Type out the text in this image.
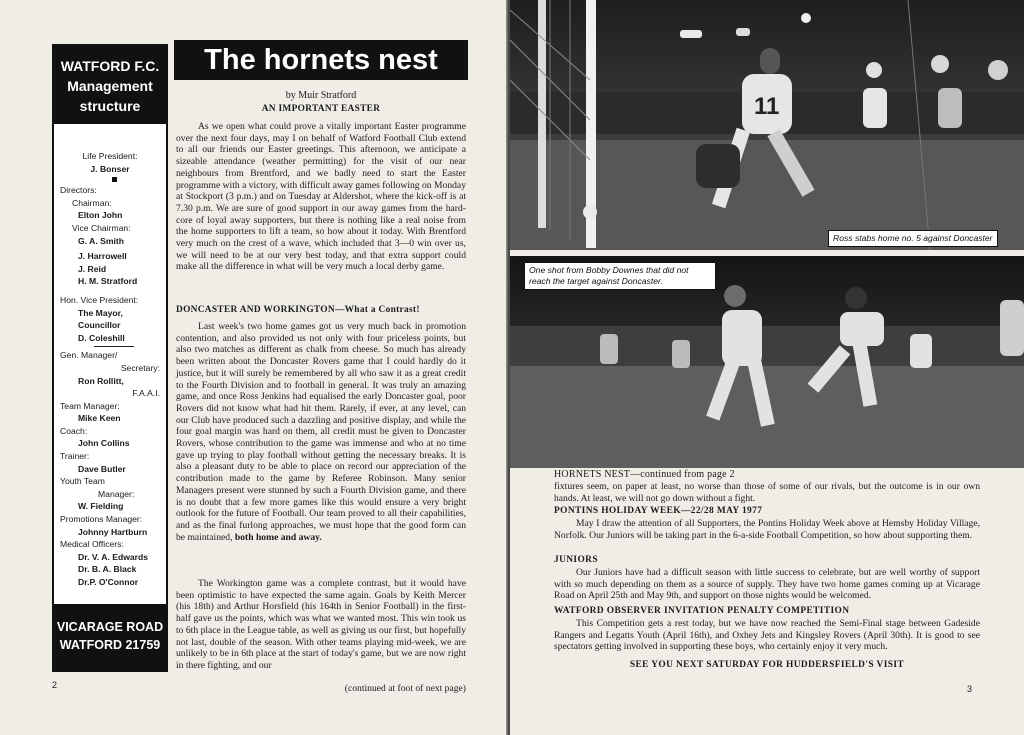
WATFORD F.C.
Management
structure
Life President:
J. Bonser
Directors:
Chairman:
Elton John
Vice Chairman:
G. A. Smith
J. Harrowell
J. Reid
H. M. Stratford
Hon. Vice President:
The Mayor,
Councillor
D. Coleshill
Gen. Manager/
Secretary:
Ron Rollitt,
F.A.A.I.
Team Manager:
Mike Keen
Coach:
John Collins
Trainer:
Dave Butler
Youth Team
Manager:
W. Fielding
Promotions Manager:
Johnny Hartburn
Medical Officers:
Dr. V. A. Edwards
Dr. B. A. Black
Dr.P. O'Connor
VICARAGE ROAD
WATFORD 21759
The hornets nest
by Muir Stratford
AN IMPORTANT EASTER

As we open what could prove a vitally important Easter programme over the next four days, may I on behalf of Watford Football Club extend to all our friends our Easter greetings. This afternoon, we anticipate a sizeable attendance (weather permitting) for the visit of our near neighbours from Brentford, and we badly need to start the Easter programme with a victory, with difficult away games following on Monday at Stockport (3 p.m.) and on Tuesday at Aldershot, where the kick-off is at 7.30 p.m. We are sure of good support in our away games from the hard-core of loyal away supporters, but there is nothing like a real noise from the home supporters to lift a team, so how about it today. With Brentford very much on the crest of a wave, which included that 3—0 win over us, we will need to be at our very best today, and that extra support could make all the difference in what will be very much a local derby game.

DONCASTER AND WORKINGTON—What a Contrast!

Last week's two home games got us very much back in promotion contention, and also provided us not only with four priceless points, but also two matches as different as chalk from cheese. So much has already been written about the Doncaster Rovers game that I could hardly do it justice, but it will surely be remembered by all who saw it as a great credit to the Fourth Division and to football in general. It was truly an amazing game, and once Ross Jenkins had equalised the early Doncaster goal, poor Rovers did not know what had hit them. Rarely, if ever, at any level, can our Club have produced such a dazzling and positive display, and while the four goal margin was hard on them, all credit must be given to Doncaster Rovers, whose contribution to the game was immense and who at no time gave up trying to play football without getting the necessary breaks. It is also a pleasant duty to be able to place on record our appreciation of the contribution made to the game by Referee Robinson. Many senior Managers present were stunned by such a Fourth Division game, and there is no doubt that a few more games like this would ensure a very bright outlook for the future of Football. Our team proved to all their capabilities, and as the final furlong approaches, we must hope that the good form can be maintained, both home and away.

The Workington game was a complete contrast, but it would have been optimistic to have expected the same again. Goals by Keith Mercer (his 18th) and Arthur Horsfield (his 164th in Senior Football) in the first-half gave us the points, which was what we wanted most. This win took us to 6th place in the League table, as well as giving us our first, but hopefully not last, double of the season. With other teams playing mid-week, we are unlikely to be in 6th place at the start of today's game, but we are now right in there fighting, and our

(continued at foot of next page)
2
11
Ross stabs home no. 5 against Doncaster
One shot from Bobby Downes that did not reach the target against Doncaster.
HORNETS NEST—continued from page 2

fixtures seem, on paper at least, no worse than those of some of our rivals, but the outcome is in our own hands. At least, we will not go down without a fight.

PONTINS HOLIDAY WEEK—22/28 MAY 1977

May I draw the attention of all Supporters, the Pontins Holiday Week above at Hemsby Holiday Village, Norfolk. Our Juniors will be taking part in the 6-a-side Football Competition, so how about supporting them.

JUNIORS

Our Juniors have had a difficult season with little success to celebrate, but are well worthy of support with so much depending on them as a source of supply. They have two home games coming up at Vicarage Road on April 25th and May 9th, and support on those nights would be welcomed.

WATFORD OBSERVER INVITATION PENALTY COMPETITION

This Competition gets a rest today, but we have now reached the Semi-Final stage between Gadeside Rangers and Legatts Youth (April 16th), and Oxhey Jets and Kingsley Rovers (April 30th). It is good to see spectators getting involved in supporting these boys, who certainly enjoy it very much.

SEE YOU NEXT SATURDAY FOR HUDDERSFIELD'S VISIT
3
